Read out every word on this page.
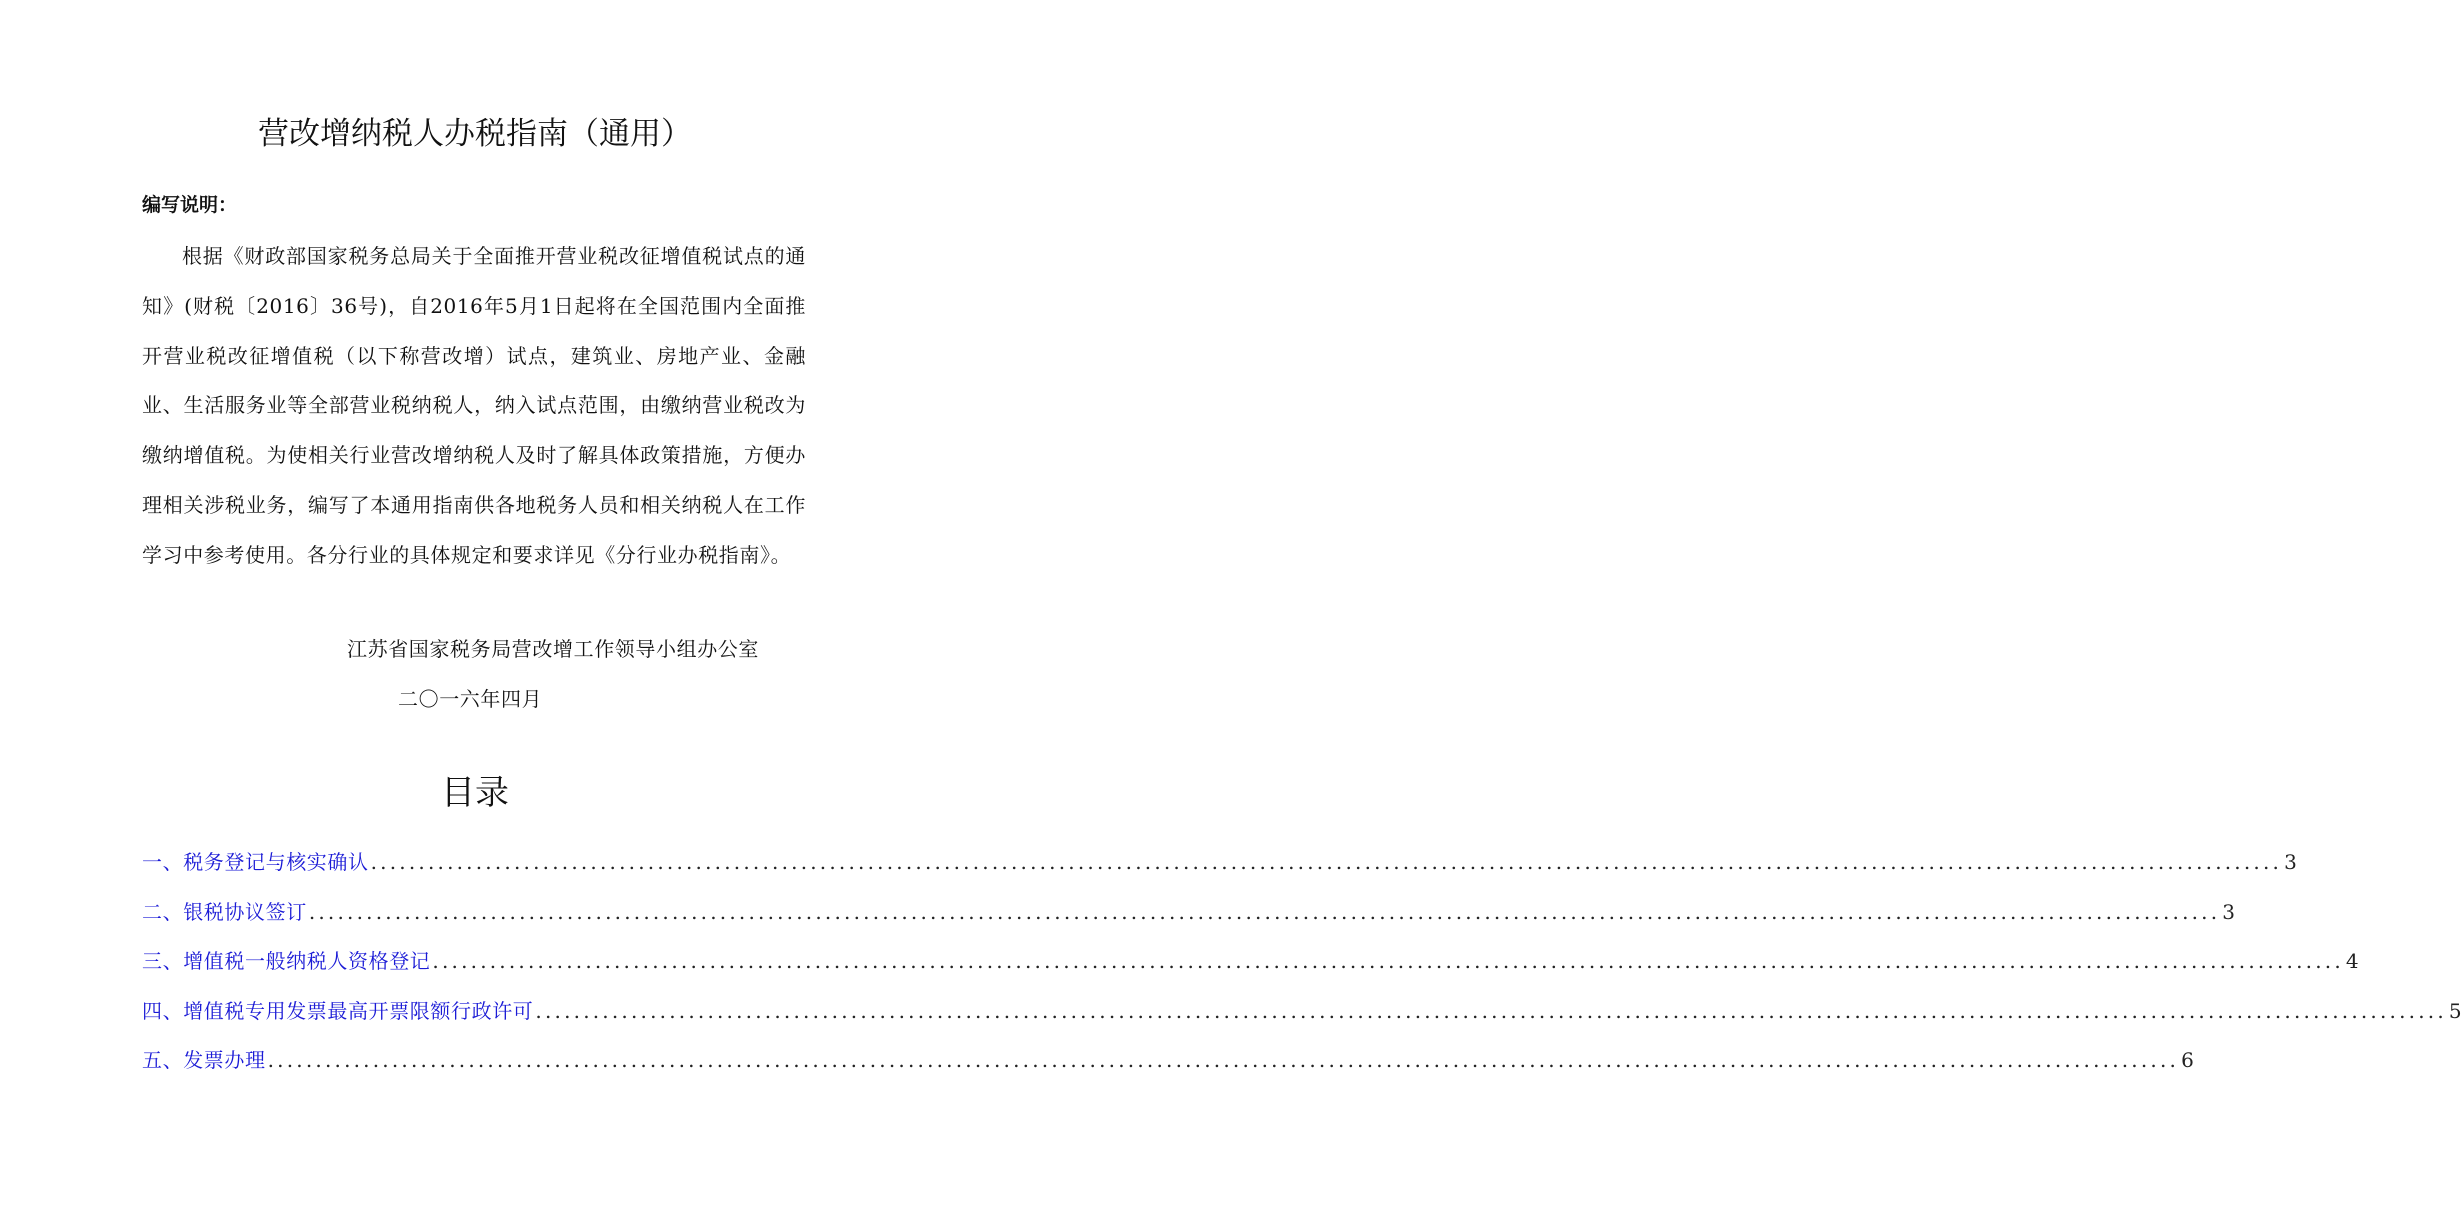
营改增纳税人办税指南（通用）
编写说明：
根据《财政部国家税务总局关于全面推开营业税改征增值税试点的通知》(财税〔2016〕36号)，自2016年5月1日起将在全国范围内全面推开营业税改征增值税（以下称营改增）试点，建筑业、房地产业、金融业、生活服务业等全部营业税纳税人，纳入试点范围，由缴纳营业税改为缴纳增值税。为使相关行业营改增纳税人及时了解具体政策措施，方便办理相关涉税业务，编写了本通用指南供各地税务人员和相关纳税人在工作学习中参考使用。各分行业的具体规定和要求详见《分行业办税指南》。
江苏省国家税务局营改增工作领导小组办公室
二〇一六年四月
目录
一、税务登记与核实确认 ........................................................................................................................................................................................................ 3
二、银税协议签订 ........................................................................................................................................................................................................ 3
三、增值税一般纳税人资格登记 ........................................................................................................................................................................................................ 4
四、增值税专用发票最高开票限额行政许可 ........................................................................................................................................................................................................ 5
五、发票办理 ........................................................................................................................................................................................................ 6
